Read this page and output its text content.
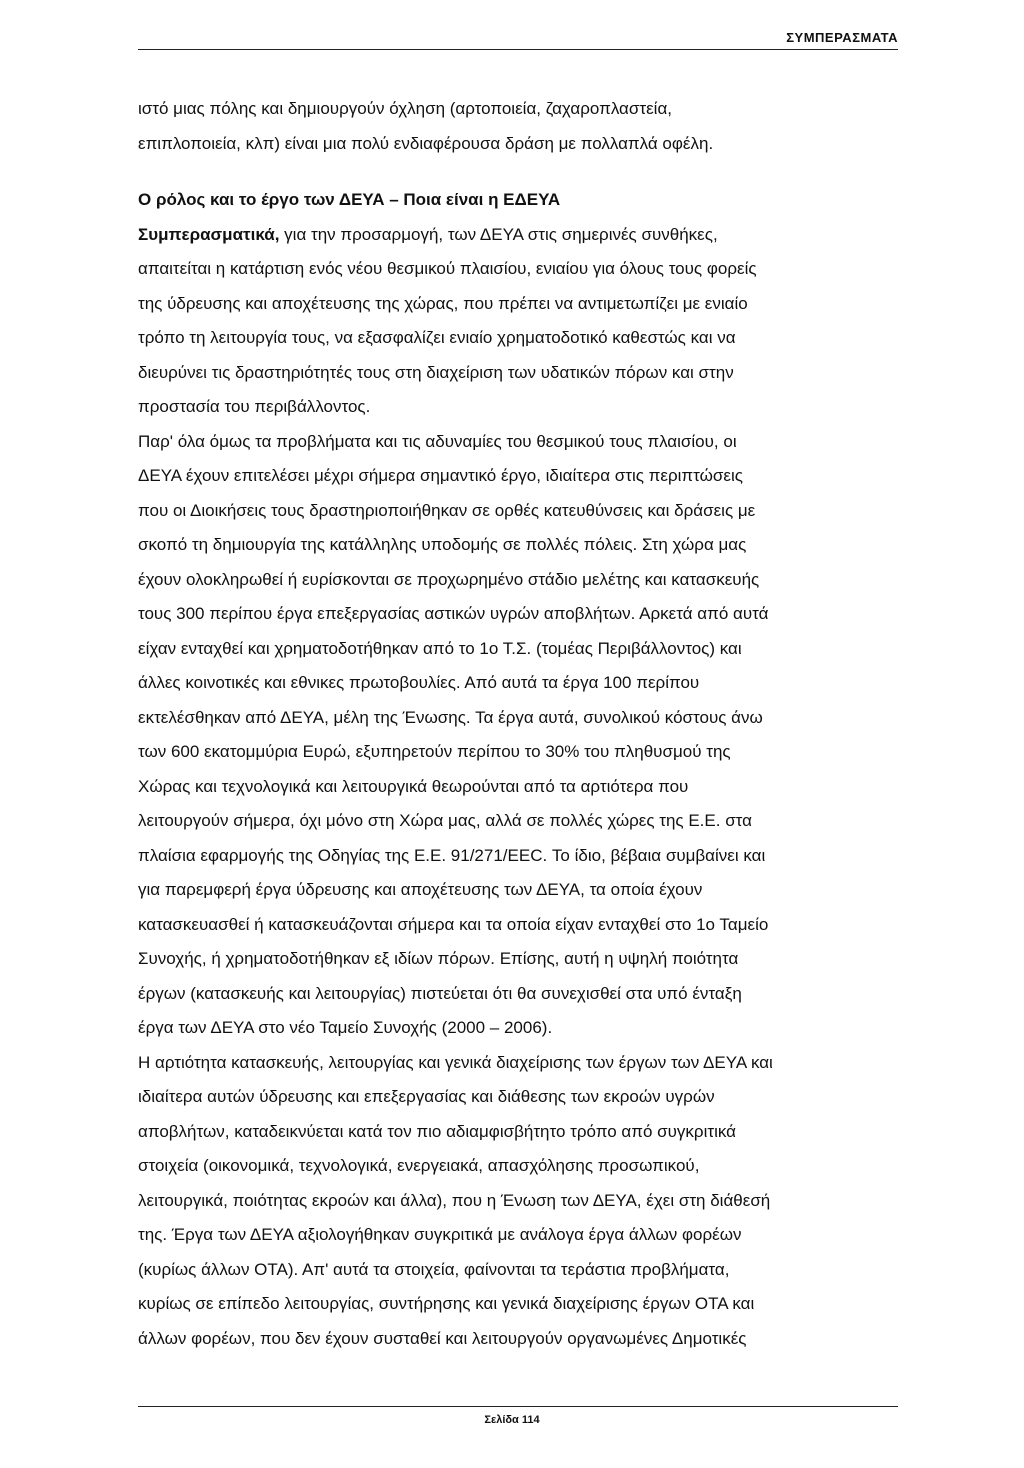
ΣΥΜΠΕΡΑΣΜΑΤΑ

ιστό μιας πόλης και δημιουργούν όχληση (αρτοποιεία, ζαχαροπλαστεία,
επιπλοποιεία, κλπ) είναι μια πολύ ενδιαφέρουσα δράση με πολλαπλά οφέλη.

Ο ρόλος και το έργο των ΔΕΥΑ – Ποια είναι η ΕΔΕΥΑ
Συμπερασματικά, για την προσαρμογή, των ΔΕΥΑ στις σημερινές συνθήκες,
απαιτείται η κατάρτιση ενός νέου θεσμικού πλαισίου, ενιαίου για όλους τους φορείς
της ύδρευσης και αποχέτευσης της χώρας, που πρέπει να αντιμετωπίζει με ενιαίο
τρόπο τη λειτουργία τους, να εξασφαλίζει ενιαίο χρηματοδοτικό καθεστώς και να
διευρύνει τις δραστηριότητές τους στη διαχείριση των υδατικών πόρων και στην
προστασία του περιβάλλοντος.

Παρ' όλα όμως τα προβλήματα και τις αδυναμίες του θεσμικού τους πλαισίου, οι
ΔΕΥΑ έχουν επιτελέσει μέχρι σήμερα σημαντικό έργο, ιδιαίτερα στις περιπτώσεις
που οι Διοικήσεις τους δραστηριοποιήθηκαν σε ορθές κατευθύνσεις και δράσεις με
σκοπό τη δημιουργία της κατάλληλης υποδομής σε πολλές πόλεις. Στη χώρα μας
έχουν ολοκληρωθεί ή ευρίσκονται σε προχωρημένο στάδιο μελέτης και κατασκευής
τους 300 περίπου έργα επεξεργασίας αστικών υγρών αποβλήτων. Αρκετά από αυτά
είχαν ενταχθεί και χρηματοδοτήθηκαν από το 1ο Τ.Σ. (τομέας Περιβάλλοντος) και
άλλες κοινοτικές και εθνικες πρωτοβουλίες. Από αυτά τα έργα 100 περίπου
εκτελέσθηκαν από ΔΕΥΑ, μέλη της Ένωσης. Τα έργα αυτά, συνολικού κόστους άνω
των 600 εκατομμύρια Ευρώ, εξυπηρετούν περίπου το 30% του πληθυσμού της
Χώρας και τεχνολογικά και λειτουργικά θεωρούνται από τα αρτιότερα που
λειτουργούν σήμερα, όχι μόνο στη Χώρα μας, αλλά σε πολλές χώρες της Ε.Ε. στα
πλαίσια εφαρμογής της Οδηγίας της Ε.Ε. 91/271/ΕΕC. Το ίδιο, βέβαια συμβαίνει και
για παρεμφερή έργα ύδρευσης και αποχέτευσης των ΔΕΥΑ, τα οποία έχουν
κατασκευασθεί ή κατασκευάζονται σήμερα και τα οποία είχαν ενταχθεί στο 1ο Ταμείο
Συνοχής, ή χρηματοδοτήθηκαν εξ ιδίων πόρων. Επίσης, αυτή η υψηλή ποιότητα
έργων (κατασκευής και λειτουργίας) πιστεύεται ότι θα συνεχισθεί στα υπό ένταξη
έργα των ΔΕΥΑ στο νέο Ταμείο Συνοχής (2000 – 2006).

Η αρτιότητα κατασκευής, λειτουργίας και γενικά διαχείρισης των έργων των ΔΕΥΑ και
ιδιαίτερα αυτών ύδρευσης και επεξεργασίας και διάθεσης των εκροών υγρών
αποβλήτων, καταδεικνύεται κατά τον πιο αδιαμφισβήτητο τρόπο από συγκριτικά
στοιχεία (οικονομικά, τεχνολογικά, ενεργειακά, απασχόλησης προσωπικού,
λειτουργικά, ποιότητας εκροών και άλλα), που η Ένωση των ΔΕΥΑ, έχει στη διάθεσή
της. Έργα των ΔΕΥΑ αξιολογήθηκαν συγκριτικά με ανάλογα έργα άλλων φορέων
(κυρίως άλλων ΟΤΑ). Απ' αυτά τα στοιχεία, φαίνονται τα τεράστια προβλήματα,
κυρίως σε επίπεδο λειτουργίας, συντήρησης και γενικά διαχείρισης έργων ΟΤΑ και
άλλων φορέων, που δεν έχουν συσταθεί και λειτουργούν οργανωμένες Δημοτικές

Σελίδα 114
